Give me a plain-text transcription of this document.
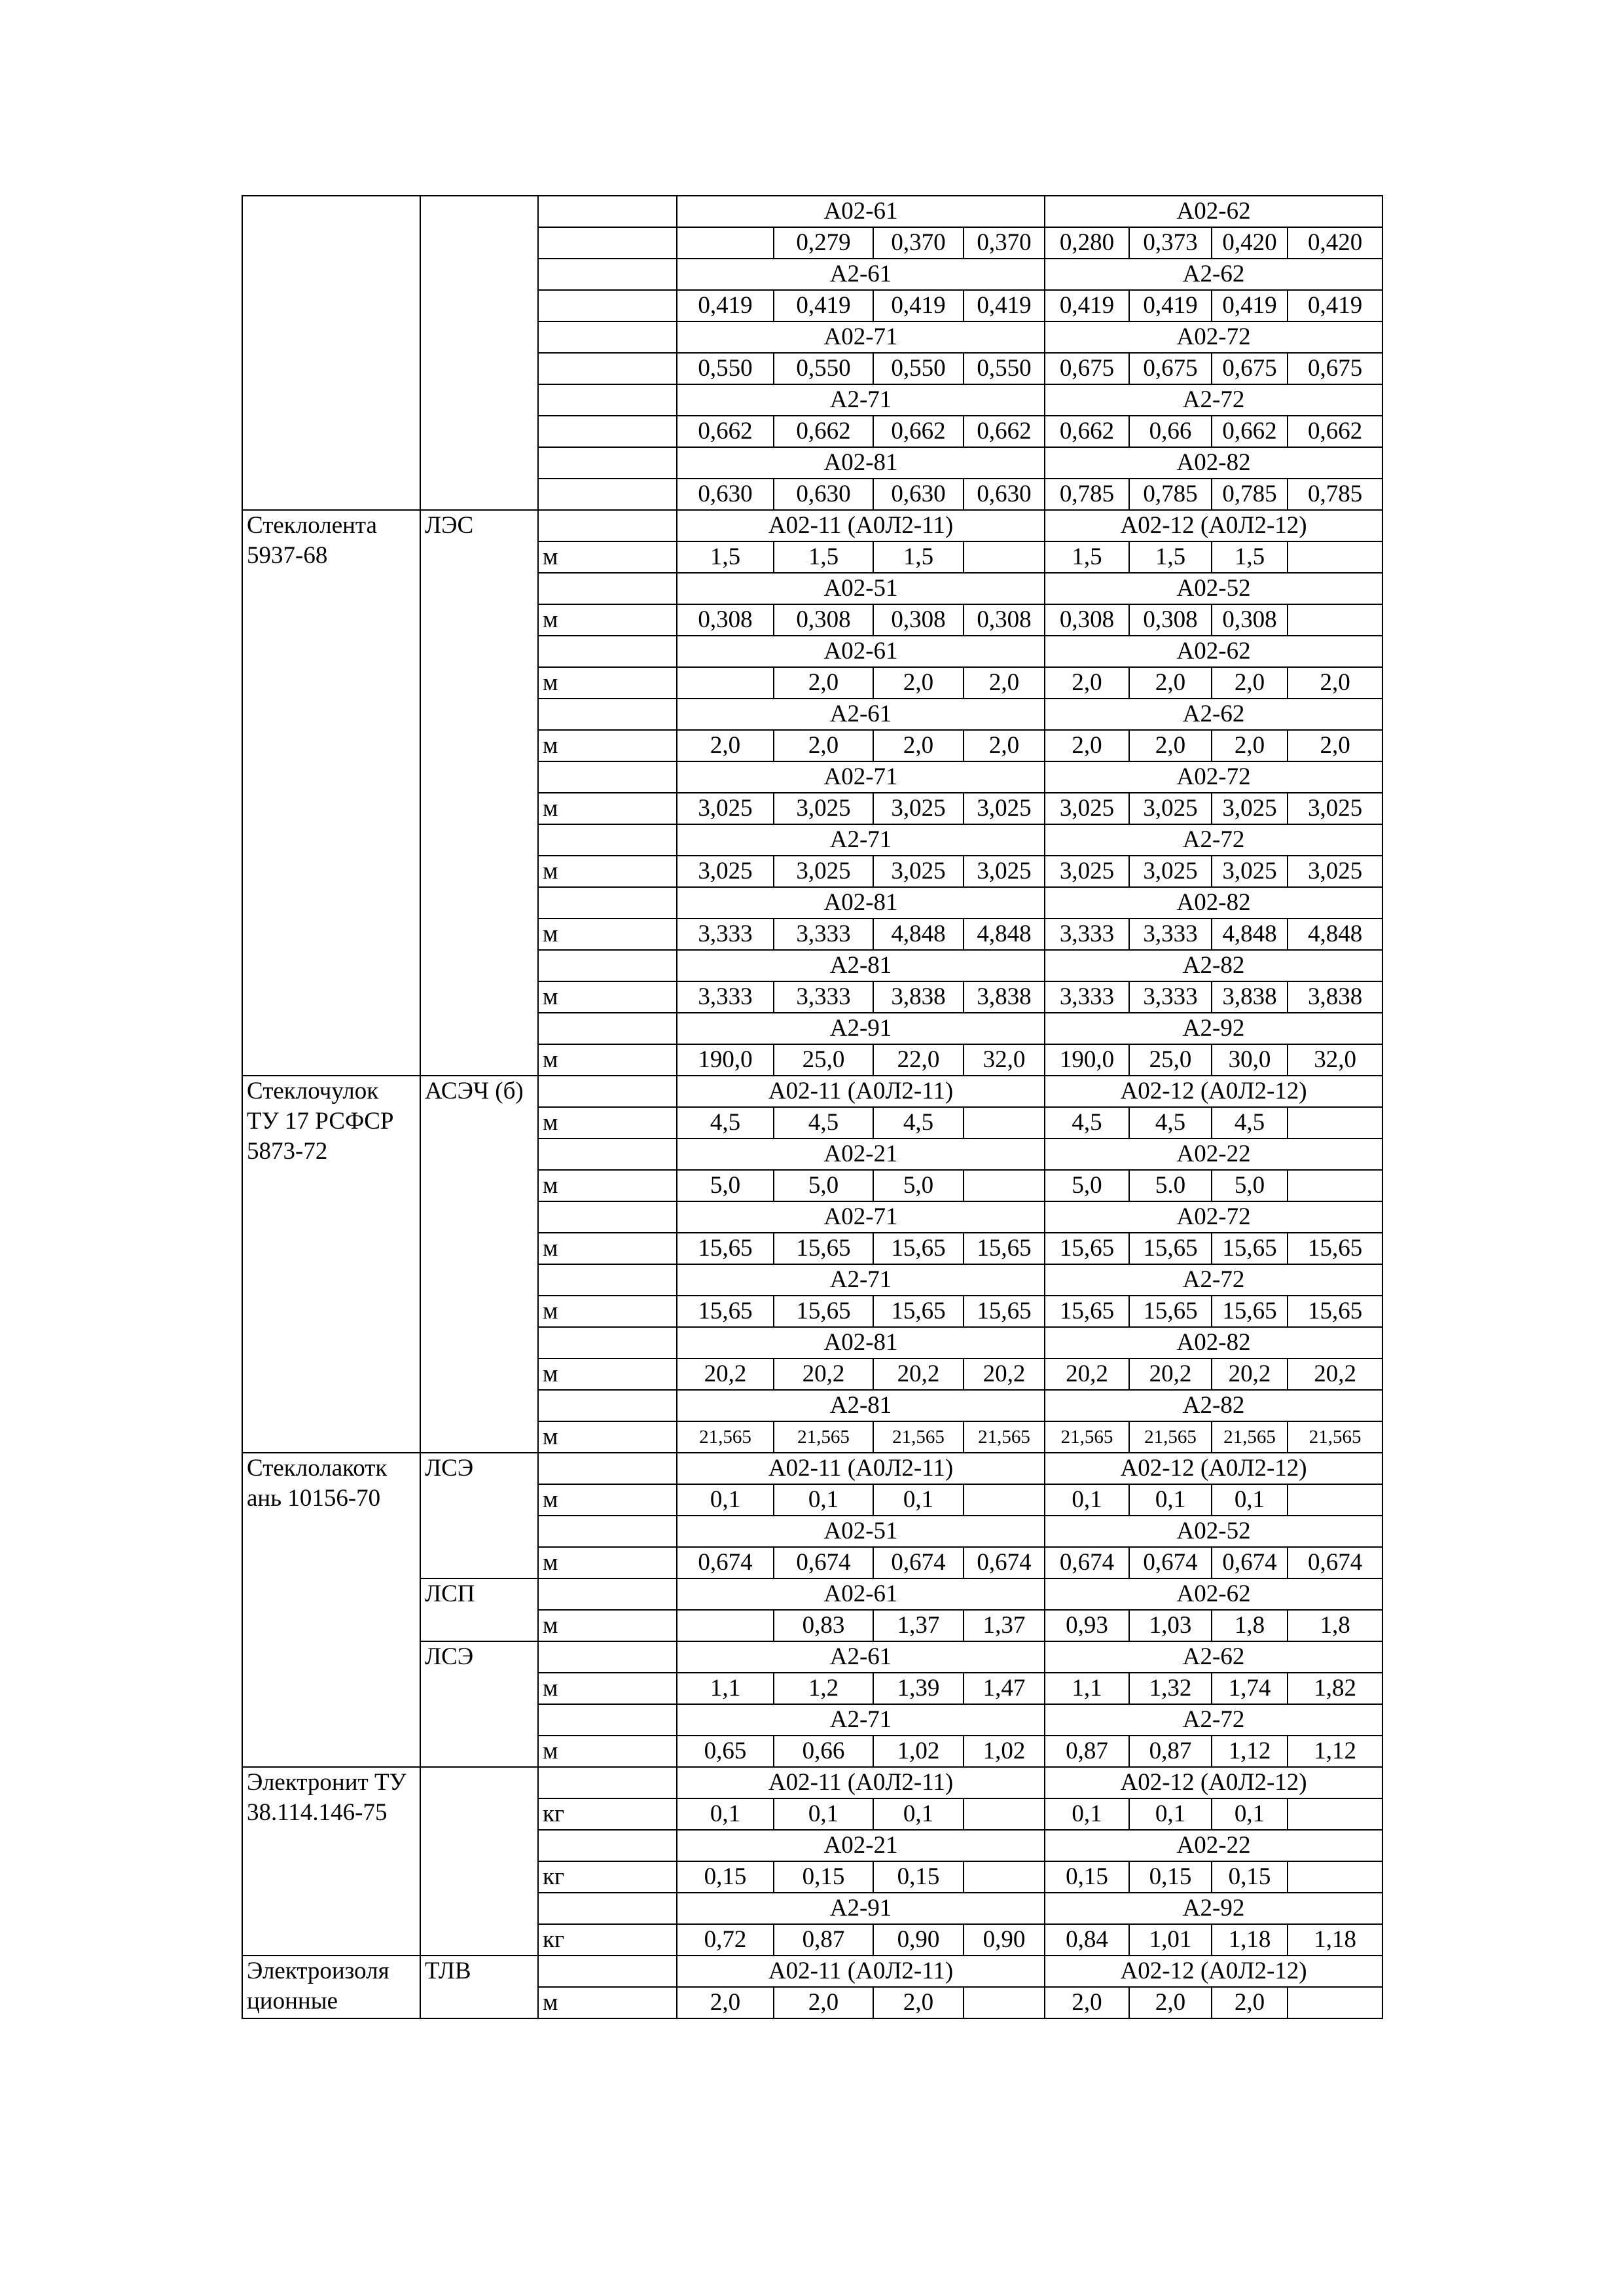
			А02-61				А02-62			
				0,279	0,370	0,370	0,280	0,373	0,420	0,420
			А2-61				А2-62			
			0,419	0,419	0,419	0,419	0,419	0,419	0,419	0,419
			А02-71				А02-72			
			0,550	0,550	0,550	0,550	0,675	0,675	0,675	0,675
			А2-71				А2-72			
			0,662	0,662	0,662	0,662	0,662	0,66	0,662	0,662
			А02-81				А02-82			
			0,630	0,630	0,630	0,630	0,785	0,785	0,785	0,785
Стеклолента 5937-68	ЛЭС		А02-11 (А0Л2-11)				А02-12 (А0Л2-12)			
		м	1,5	1,5	1,5		1,5	1,5	1,5	
			А02-51				А02-52			
		м	0,308	0,308	0,308	0,308	0,308	0,308	0,308	
			А02-61				А02-62			
		м		2,0	2,0	2,0	2,0	2,0	2,0	2,0
			А2-61				А2-62			
		м	2,0	2,0	2,0	2,0	2,0	2,0	2,0	2,0
			А02-71				А02-72			
		м	3,025	3,025	3,025	3,025	3,025	3,025	3,025	3,025
			А2-71				А2-72			
		м	3,025	3,025	3,025	3,025	3,025	3,025	3,025	3,025
			А02-81				А02-82			
		м	3,333	3,333	4,848	4,848	3,333	3,333	4,848	4,848
			А2-81				А2-82			
		м	3,333	3,333	3,838	3,838	3,333	3,333	3,838	3,838
			А2-91				А2-92			
		м	190,0	25,0	22,0	32,0	190,0	25,0	30,0	32,0
Стеклочулок ТУ 17 РСФСР 5873-72	АСЭЧ (б)		А02-11 (А0Л2-11)				А02-12 (А0Л2-12)			
		м	4,5	4,5	4,5		4,5	4,5	4,5	
			А02-21				А02-22			
		м	5,0	5,0	5,0		5,0	5.0	5,0	
			А02-71				А02-72			
		м	15,65	15,65	15,65	15,65	15,65	15,65	15,65	15,65
			А2-71				А2-72			
		м	15,65	15,65	15,65	15,65	15,65	15,65	15,65	15,65
			А02-81				А02-82			
		м	20,2	20,2	20,2	20,2	20,2	20,2	20,2	20,2
			А2-81				А2-82			
		м	21,565	21,565	21,565	21,565	21,565	21,565	21,565	21,565
Стеклолакотк ань 10156-70	ЛСЭ		А02-11 (А0Л2-11)				А02-12 (А0Л2-12)			
		м	0,1	0,1	0,1		0,1	0,1	0,1	
			А02-51				А02-52			
		м	0,674	0,674	0,674	0,674	0,674	0,674	0,674	0,674
	ЛСП		А02-61				А02-62			
		м		0,83	1,37	1,37	0,93	1,03	1,8	1,8
	ЛСЭ		А2-61				А2-62			
		м	1,1	1,2	1,39	1,47	1,1	1,32	1,74	1,82
			А2-71				А2-72			
		м	0,65	0,66	1,02	1,02	0,87	0,87	1,12	1,12
Электронит ТУ 38.114.146-75			А02-11 (А0Л2-11)				А02-12 (А0Л2-12)			
		кг	0,1	0,1	0,1		0,1	0,1	0,1	
			А02-21				А02-22			
		кг	0,15	0,15	0,15		0,15	0,15	0,15	
			А2-91				А2-92			
		кг	0,72	0,87	0,90	0,90	0,84	1,01	1,18	1,18
Электроизоля ционные	ТЛВ		А02-11 (А0Л2-11)				А02-12 (А0Л2-12)			
		м	2,0	2,0	2,0		2,0	2,0	2,0	
